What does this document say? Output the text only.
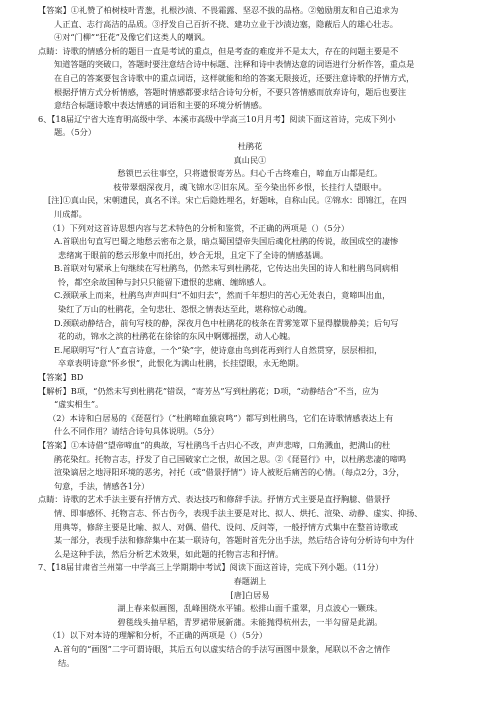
【答案】①礼赞了柏树枝叶青葱，扎根沙渍、不畏霜露、坚忍不拔的品格。②勉励朋友和自己追求为

人正直、志行高洁的品质。③抒发自己百折不挠、建功立业于沙渍边塞，隐蔽后人的雄心壮志。

④对“门柳”“狂花”及像它们这类人的嘲讽。

点睛：诗歌的情感分析的题目一直是考试的重点，但是考查的难度并不是太大，存在的问题主要是不

知道答题的突破口，答题时要注意结合诗中标题、注释和诗中表情达意的词语进行分析作答，重点是

在自己的答案要包含诗歌中的重点词语，这样就能和给的答案无限接近，还要注意诗歌的抒情方式，

根据抒情方式分析情感，答题时情感都要求结合诗句分析，不要只答情感而放弃诗句，题后也要注

意结合标题诗歌中表达情感的词语和主要的环境分析情感。

6、【18届辽宁省大连育明高级中学、本溪市高级中学高三10月月考】阅读下面这首诗，完成下列小

题。（5分）

杜鹃花

真山民①

愁锁巴云往事空，只将遗恨寄芳丛。归心千古终难白，啼血万山都是红。

枝带翠烟深夜月，魂飞锦水②旧东风。至今染出怀乡恨，长挂行人望眼中。

[注]①真山民，宋朝遗民，真名不详。宋亡后隐姓埋名，好题咏，自称山民。②锦水：即锦江，在四

川成都。

（1）下列对这首诗思想内容与艺术特色的分析和鉴赏，不正确的两项是（）（5分）

A.首联出句直写巴蜀之地愁云密布之景，暗点蜀国望帝失国后魂化杜鹃的传说，故国成空的凄惨

悲绪寓于眼前的愁云形象中而托出，妙合无垠，且定下了全诗的情感基调。

B.首联对句紧承上句继续在写杜鹃鸟，仍然未写到杜鹃花，它传达出失国的诗人和杜鹃鸟同病相

怜，都空余故国种与封只只能留下遗恨的悲痛、缠绵感人。

C.颈联承上而来，杜鹃鸟声声叫归“不如归去”，然而千年想归的苦心无处表白，竟啼叫出血，

染红了万山的杜鹃花，全句悲壮、怨恨之情表达至此，堪称惊心动魄。

D.颈联动静结合，前句写枝的静，深夜月色中杜鹃花的枝条在青雾笼罩下显得朦胧静美；后句写

花的动，锦水之滨的杜鹃花在徐徐的东风中婀娜摇摆，动人心魄。

E.尾联明写“行人”直言诗意，一个“染”字，使诗意由鸟到花再到行人自然贯穿，层层相扣，

卒章表明诗意“怀乡恨”，此恨化为满山杜鹃，长挂望眼，永无绝期。

【答案】BD

【解析】B项，“仍然未写到杜鹃花”错误，“寄芳丛”写到杜鹃花；D项，“动静结合”不当，应为

“虚实相生”。

（2）本诗和白居易的《琵琶行》（“杜鹃啼血猿哀鸣”）都写到杜鹃鸟，它们在诗歌情感表达上有

什么不同作用？请结合诗句具体说明。（5分）

【答案】①本诗借“望帝啼血”的典故，写杜鹃鸟千古归心不改，声声悲啼，口角溅血，把满山的杜

鹃花染红。托物言志，抒发了自己国破家亡之恨，故国之思。②《琵琶行》中，以杜鹃悲凄的啼鸣

渲染谪居之地浔阳环境的恶劣，衬托（或“借景抒情”）诗人被贬后痛苦的心情。（每点2分，3分，

句意，手法，情感各1分）

点睛：诗歌的艺术手法主要有抒情方式、表达技巧和修辞手法。抒情方式主要是直抒胸臆、借景抒

情、即事感怀、托物言志、怀古伤今，表现手法主要是对比、拟人、烘托、渲染、动静、虚实、抑扬、

用典等，修辞主要是比喻、拟人、对偶、借代、设问、反问等，一般抒情方式集中在整首诗歌或

某一部分，表现手法和修辞集中在某一联诗句，答题时首先分出手法，然后结合诗句分析诗句中为什

么是这种手法，然后分析艺术效果，如此题的托物言志和抒情。

7、【18届甘肃省兰州第一中学高三上学期期中考试】阅读下面这首诗，完成下列小题。（11分）

春题湖上

[唐]白居易

湖上春来似画图，乱峰围绕水平铺。松排山面千重翠，月点波心一颗珠。

碧毯线头抽早稻，青罗裙带展新蒲。未能抛得杭州去，一半勾留是此湖。

（1）以下对本诗的理解和分析，不正确的两项是（）（5分）

A.首句的“画图”二字可谓诗眼，其后五句以虚实结合的手法写画图中景象，尾联以不舍之情作

结。
